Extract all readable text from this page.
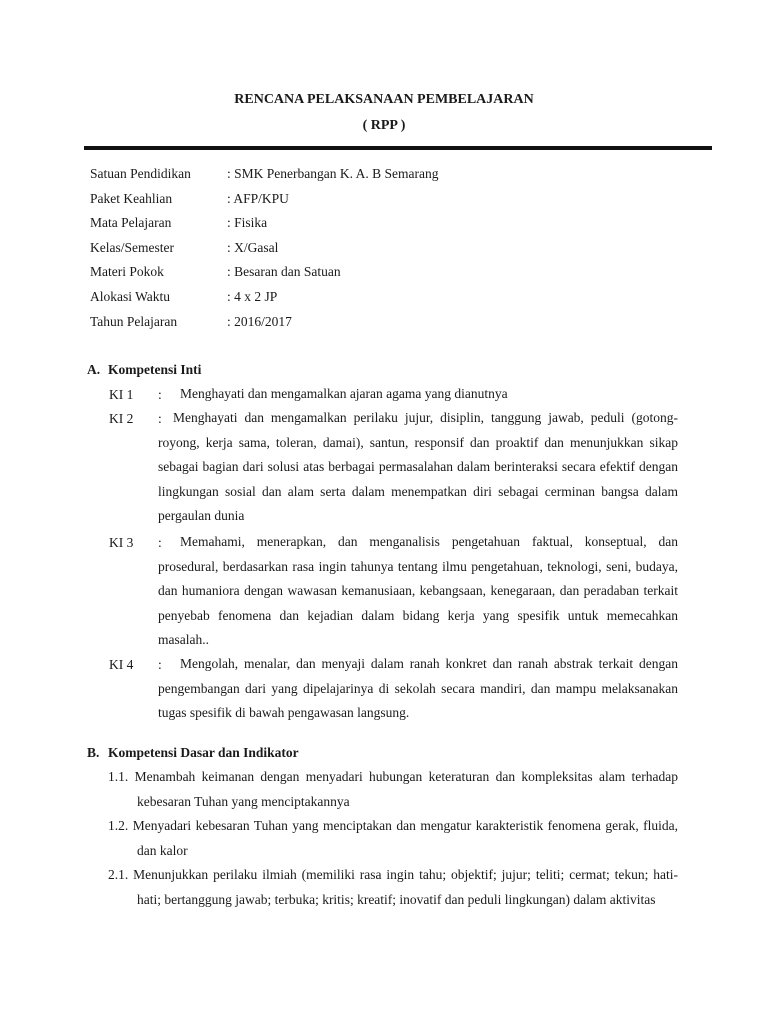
RENCANA PELAKSANAAN PEMBELAJARAN
( RPP )
Satuan Pendidikan	: SMK Penerbangan K. A. B Semarang
Paket Keahlian	: AFP/KPU
Mata Pelajaran	: Fisika
Kelas/Semester	: X/Gasal
Materi Pokok	: Besaran dan Satuan
Alokasi Waktu	: 4 x 2 JP
Tahun Pelajaran	: 2016/2017
A. Kompetensi Inti
KI 1 :	Menghayati dan mengamalkan ajaran agama yang dianutnya
KI 2 : Menghayati dan mengamalkan perilaku jujur, disiplin, tanggung jawab, peduli (gotong-royong, kerja sama, toleran, damai), santun, responsif dan proaktif dan menunjukkan sikap sebagai bagian dari solusi atas berbagai permasalahan dalam berinteraksi secara efektif dengan lingkungan sosial dan alam serta dalam menempatkan diri sebagai cerminan bangsa dalam pergaulan dunia
KI 3 :	Memahami, menerapkan, dan menganalisis pengetahuan faktual, konseptual, dan prosedural, berdasarkan rasa ingin tahunya tentang ilmu pengetahuan, teknologi, seni, budaya, dan humaniora dengan wawasan kemanusiaan, kebangsaan, kenegaraan, dan peradaban terkait penyebab fenomena dan kejadian dalam bidang kerja yang spesifik untuk memecahkan masalah..
KI 4 :	Mengolah, menalar, dan menyaji dalam ranah konkret dan ranah abstrak terkait dengan pengembangan dari yang dipelajarinya di sekolah secara mandiri, dan mampu melaksanakan tugas spesifik di bawah pengawasan langsung.
B. Kompetensi Dasar dan Indikator
1.1. Menambah keimanan dengan menyadari hubungan keteraturan dan kompleksitas alam terhadap kebesaran Tuhan yang menciptakannya
1.2. Menyadari kebesaran Tuhan yang menciptakan dan mengatur karakteristik fenomena gerak, fluida, dan kalor
2.1. Menunjukkan perilaku ilmiah (memiliki rasa ingin tahu; objektif; jujur; teliti; cermat; tekun; hati-hati; bertanggung jawab; terbuka; kritis; kreatif; inovatif dan peduli lingkungan) dalam aktivitas
